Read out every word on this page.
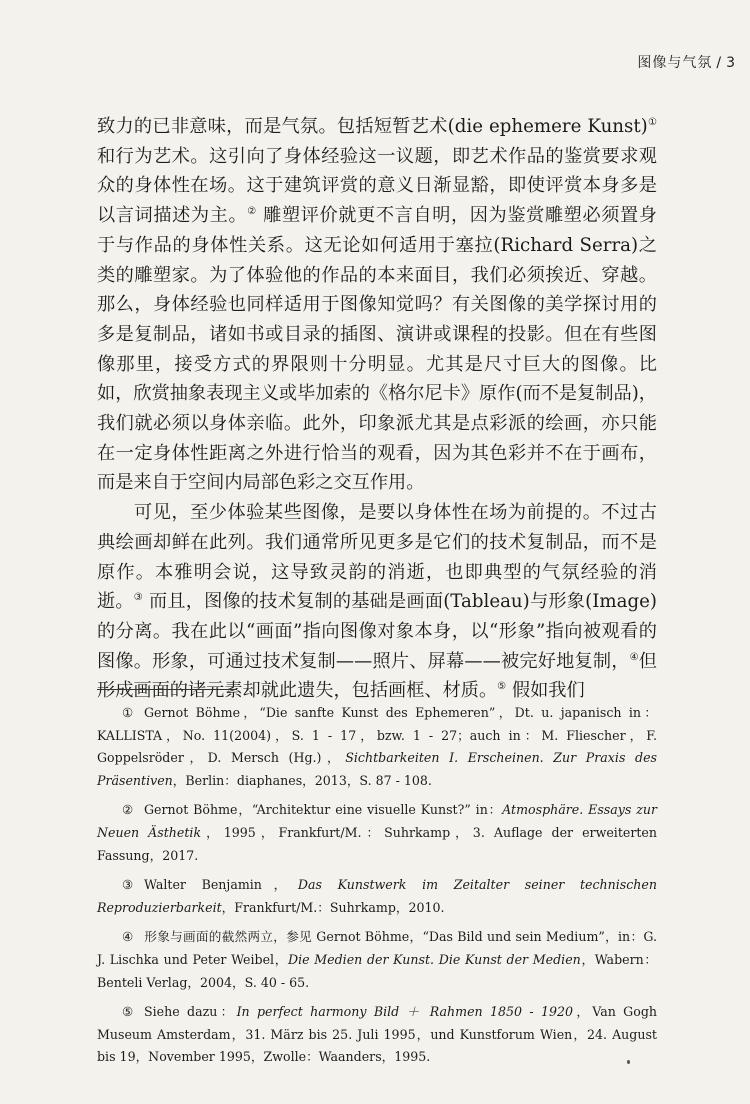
图像与气氛 / 3

致力的已非意味，而是气氛。包括短暂艺术(die ephemere Kunst)①和行为艺术。这引向了身体经验这一议题，即艺术作品的鉴赏要求观众的身体性在场。这于建筑评赏的意义日渐显豁，即使评赏本身多是以言词描述为主。② 雕塑评价就更不言自明，因为鉴赏雕塑必须置身于与作品的身体性关系。这无论如何适用于塞拉(Richard Serra)之类的雕塑家。为了体验他的作品的本来面目，我们必须挨近、穿越。那么，身体经验也同样适用于图像知觉吗？有关图像的美学探讨用的多是复制品，诸如书或目录的插图、演讲或课程的投影。但在有些图像那里，接受方式的界限则十分明显。尤其是尺寸巨大的图像。比如，欣赏抽象表现主义或毕加索的《格尔尼卡》原作(而不是复制品)，我们就必须以身体亲临。此外，印象派尤其是点彩派的绘画，亦只能在一定身体性距离之外进行恰当的观看，因为其色彩并不在于画布，而是来自于空间内局部色彩之交互作用。

可见，至少体验某些图像，是要以身体性在场为前提的。不过古典绘画却鲜在此列。我们通常所见更多是它们的技术复制品，而不是原作。本雅明会说，这导致灵韵的消逝，也即典型的气氛经验的消逝。③ 而且，图像的技术复制的基础是画面(Tableau)与形象(Image)的分离。我在此以“画面”指向图像对象本身，以“形象”指向被观看的图像。形象，可通过技术复制——照片、屏幕——被完好地复制，④但形成画面的诸元素却就此遗失，包括画框、材质。⑤ 假如我们

① Gernot Böhme，“Die sanfte Kunst des Ephemeren”，Dt. u. japanisch in：KALLISTA，No. 11(2004)，S. 1 - 17，bzw. 1 - 27；auch in：M. Fliescher，F. Goppelsröder，D. Mersch (Hg.)，Sichtbarkeiten I. Erscheinen. Zur Praxis des Präsentiven，Berlin：diaphanes，2013，S. 87 - 108.

② Gernot Böhme，“Architektur eine visuelle Kunst?” in：Atmosphäre. Essays zur Neuen Ästhetik，1995，Frankfurt/M.：Suhrkamp，3. Auflage der erweiterten Fassung，2017.

③ Walter Benjamin，Das Kunstwerk im Zeitalter seiner technischen Reproduzierbarkeit，Frankfurt/M.：Suhrkamp，2010.

④ 形象与画面的截然两立，参见 Gernot Böhme，“Das Bild und sein Medium”，in：G. J. Lischka und Peter Weibel，Die Medien der Kunst. Die Kunst der Medien，Wabern：Benteli Verlag，2004，S. 40 - 65.

⑤ Siehe dazu：In perfect harmony Bild ＋ Rahmen 1850 - 1920，Van Gogh Museum Amsterdam，31. März bis 25. Juli 1995，und Kunstforum Wien，24. August bis 19，November 1995，Zwolle：Waanders，1995.
